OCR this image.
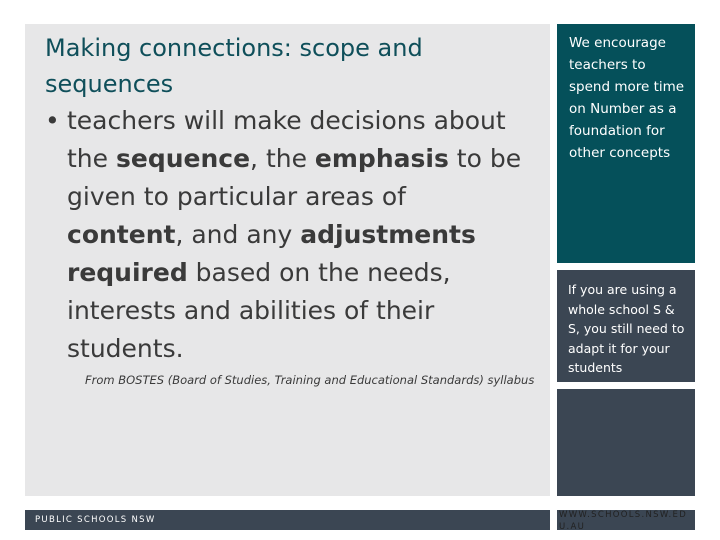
Making connections: scope and
sequences
• teachers will make decisions about
the sequence, the emphasis to be
given to particular areas of
content, and any adjustments
required based on the needs,
interests and abilities of their
students.
From BOSTES (Board of Studies, Training and Educational Standards) syllabus
We encourage teachers to spend more time on Number as a foundation for other concepts
If you are using a whole school S & S, you still need to adapt it for your students
PUBLIC SCHOOLS NSW	WWW.SCHOOLS.NSW.EDU.AU
